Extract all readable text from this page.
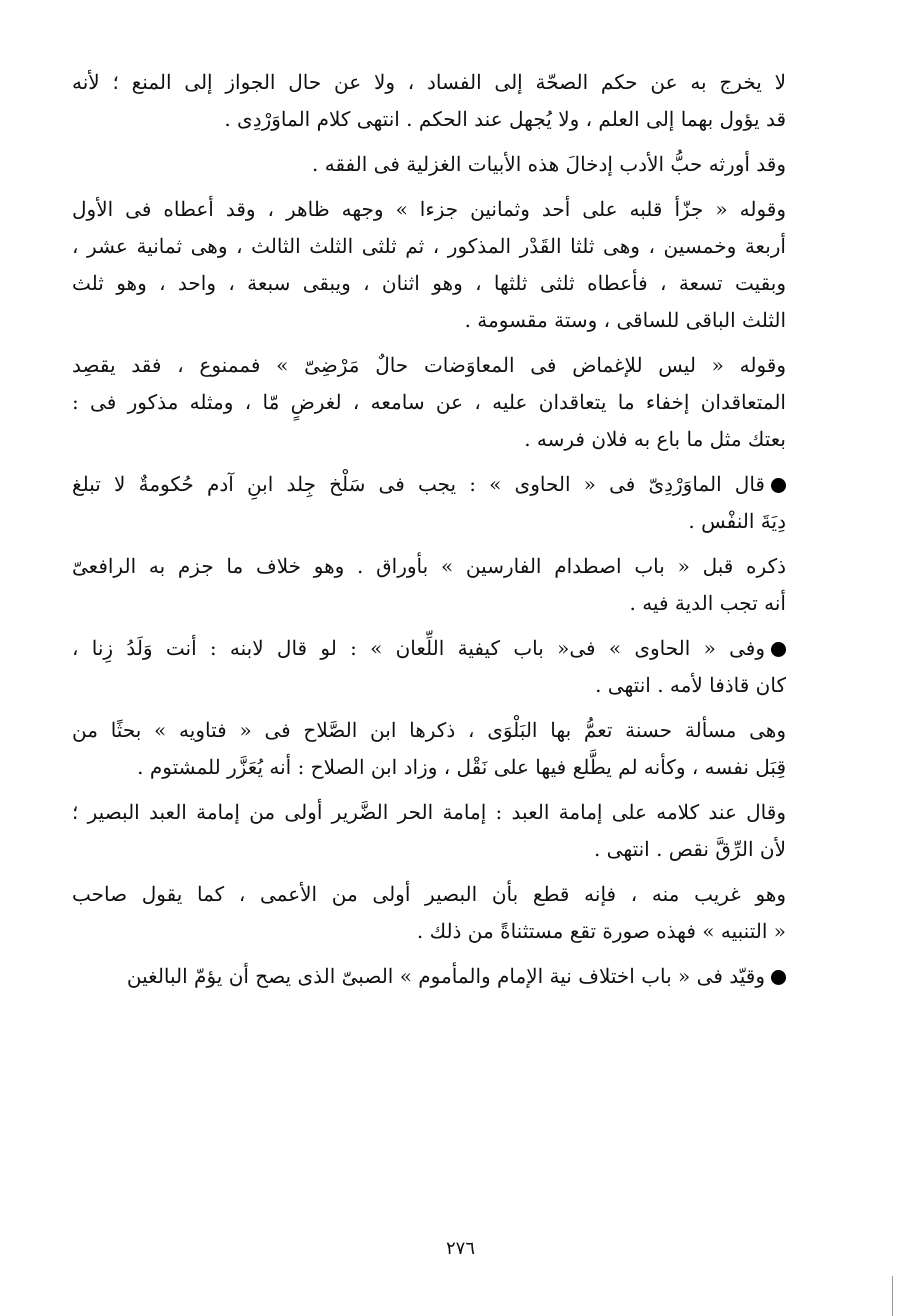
لا يخرج به عن حكم الصحّة إلى الفساد ، ولا عن حال الجواز إلى المنع ؛ لأنه
قد يؤول بهما إلى العلم ، ولا يُجهل عند الحكم . انتهى كلام الماوَرْدِى .
وقد أورثه حبُّ الأدب إدخالَ هذه الأبيات الغزلية فى الفقه .
وقوله « جزّأ قلبه على أحد وثمانين جزءا » وجهه ظاهر ، وقد أعطاه فى الأول
أربعة وخمسين ، وهى ثلثا القَدْر المذكور ، ثم ثلثى الثلث الثالث ، وهى ثمانية عشر ،
وبقيت تسعة ، فأعطاه ثلثى ثلثها ، وهو اثنان ، ويبقى سبعة ، واحد ، وهو ثلث
الثلث الباقى للساقى ، وستة مقسومة .
وقوله « ليس للإغماض فى المعاوَضات حالٌ مَرْضِىّ » فممنوع ، فقد يقصِد
المتعاقدان إخفاء ما يتعاقدان عليه ، عن سامعه ، لغرضٍ مّا ، ومثله مذكور فى :
بعتك مثل ما باع به فلان فرسه .
قال الماوَرْدِىّ فى « الحاوى » : يجب فى سَلْخ جِلد ابنِ آدم حُكومةٌ لا تبلغ
دِيَةَ النفْس .
ذكره قبل « باب اصطدام الفارسين » بأوراق . وهو خلاف ما جزم به الرافعىّ
أنه تجب الدية فيه .
وفى « الحاوى » فى« باب كيفية اللِّعان » : لو قال لابنه : أنت وَلَدُ زِنا ،
كان قاذفا لأمه . انتهى .
وهى مسألة حسنة تعمُّ بها البَلْوَى ، ذكرها ابن الصَّلاح فى « فتاويه » بحثًا من
قِبَل نفسه ، وكأنه لم يطَّلع فيها على نَقْل ، وزاد ابن الصلاح : أنه يُعَزَّر للمشتوم .
وقال عند كلامه على إمامة العبد : إمامة الحر الضَّرير أولى من إمامة العبد البصير ؛
لأن الرِّقَّ نقص . انتهى .
وهو غريب منه ، فإنه قطع بأن البصير أولى من الأعمى ، كما يقول صاحب
« التنبيه » فهذه صورة تقع مستثناةً من ذلك .
وقيّد فى « باب اختلاف نية الإمام والمأموم » الصبىّ الذى يصح أن يؤمّ البالغين
٢٧٦
